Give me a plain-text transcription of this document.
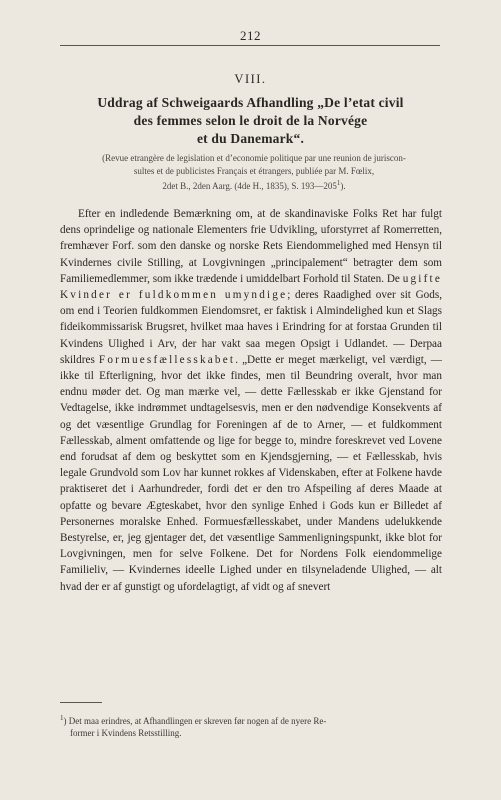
212
VIII.
Uddrag af Schweigaards Afhandling „De l’etat civil
des femmes selon le droit de la Norvége
et du Danemark“.
(Revue etrangère de legislation et d’economie politique par une reunion de juriscon-
sultes et de publicistes Français et étrangers, publiée par M. Fœlix,
2det B., 2den Aarg. (4de H., 1835), S. $193—205^1$).

Efter en indledende Bemærkning om, at de skandinaviske Folks Ret har fulgt dens oprindelige og nationale Elementers frie Udvikling, uforstyrret af Romerretten, fremhæver Forf. som den danske og norske Rets Eiendommelighed med Hensyn til Kvindernes civile Stilling, at Lovgivningen „principalement“ betragter dem som Familiemedlemmer, som ikke trædende i umiddelbart Forhold til Staten. De ugifte Kvinder er fuldkommen umyndige; deres Raadighed over sit Gods, om end i Teorien fuldkommen Eiendomsret, er faktisk i Almindelighed kun et Slags fideikommissarisk Brugsret, hvilket maa haves i Erindring for at forstaa Grunden til Kvindens Ulighed i Arv, der har vakt saa megen Opsigt i Udlandet. — Derpaa skildres Formuesfællesskabet. „Dette er meget mærkeligt, vel værdigt, — ikke til Efterligning, hvor det ikke findes, men til Beundring overalt, hvor man endnu møder det. Og man mærke vel, — dette Fællesskab er ikke Gjenstand for Vedtagelse, ikke indrømmet undtagelsesvis, men er den nødvendige Konsekvents af og det væsentlige Grundlag for Foreningen af de to Arner, — et fuldkomment Fællesskab, alment omfattende og lige for begge to, mindre foreskrevet ved Lovene end forudsat af dem og beskyttet som en Kjendsgjerning, — et Fællesskab, hvis legale Grundvold som Lov har kunnet rokkes af Videnskaben, efter at Folkene havde praktiseret det i Aarhundreder, fordi det er den tro Afspeiling af deres Maade at opfatte og bevare Ægteskabet, hvor den synlige Enhed i Gods kun er Billedet af Personernes moralske Enhed. Formuesfællesskabet, under Mandens udelukkende Bestyrelse, er, jeg gjentager det, det væsentlige Sammenligningspunkt, ikke blot for Lovgivningen, men for selve Folkene. Det for Nordens Folk eiendommelige Familieliv, — Kvindernes ideelle Lighed under en tilsyneladende Ulighed, — alt hvad der er af gunstigt og ufordelagtigt, af vidt og af snevert

$^1$) Det maa erindres, at Afhandlingen er skreven før nogen af de nyere Re-
former i Kvindens Retsstilling.
